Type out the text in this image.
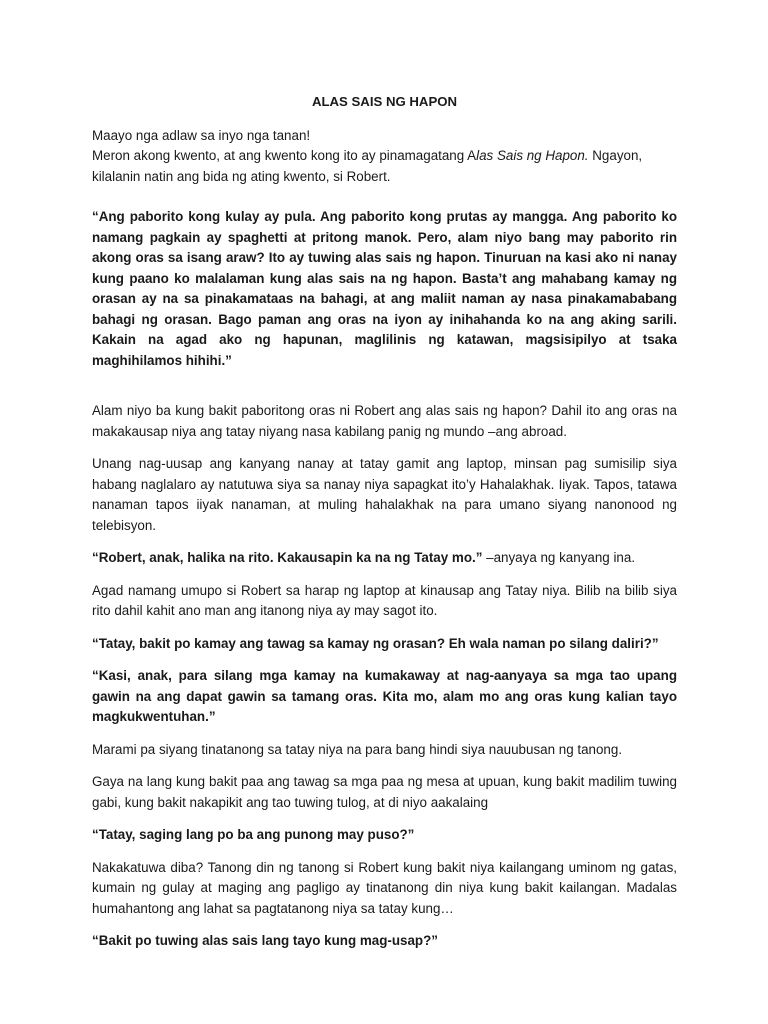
ALAS SAIS NG HAPON
Maayo nga adlaw sa inyo nga tanan!

Meron akong kwento, at ang kwento kong ito ay pinamagatang Alas Sais ng Hapon. Ngayon, kilalanin natin ang bida ng ating kwento, si Robert.

“Ang paborito kong kulay ay pula. Ang paborito kong prutas ay mangga. Ang paborito ko namang pagkain ay spaghetti at pritong manok. Pero, alam niyo bang may paborito rin akong oras sa isang araw? Ito ay tuwing alas sais ng hapon. Tinuruan na kasi ako ni nanay kung paano ko malalaman kung alas sais na ng hapon. Basta’t ang mahabang kamay ng orasan ay na sa pinakamataas na bahagi, at ang maliit naman ay nasa pinakamababang bahagi ng orasan. Bago paman ang oras na iyon ay inihahanda ko na ang aking sarili. Kakain na agad ako ng hapunan, maglilinis ng katawan, magsisipilyo at tsaka maghihilamos hihihi.”

Alam niyo ba kung bakit paboritong oras ni Robert ang alas sais ng hapon? Dahil ito ang oras na makakausap niya ang tatay niyang nasa kabilang panig ng mundo –ang abroad.

Unang nag-uusap ang kanyang nanay at tatay gamit ang laptop, minsan pag sumisilip siya habang naglalaro ay natutuwa siya sa nanay niya sapagkat ito’y Hahalakhak. Iiyak. Tapos, tatawa nanaman tapos iiyak nanaman, at muling hahalakhak na para umano siyang nanonood ng telebisyon.

“Robert, anak, halika na rito. Kakausapin ka na ng Tatay mo.” –anyaya ng kanyang ina.

Agad namang umupo si Robert sa harap ng laptop at kinausap ang Tatay niya. Bilib na bilib siya rito dahil kahit ano man ang itanong niya ay may sagot ito.

“Tatay, bakit po kamay ang tawag sa kamay ng orasan? Eh wala naman po silang daliri?”

“Kasi, anak, para silang mga kamay na kumakaway at nag-aanyaya sa mga tao upang gawin na ang dapat gawin sa tamang oras. Kita mo, alam mo ang oras kung kalian tayo magkukwentuhan.”

Marami pa siyang tinatanong sa tatay niya na para bang hindi siya nauubusan ng tanong.

Gaya na lang kung bakit paa ang tawag sa mga paa ng mesa at upuan, kung bakit madilim tuwing gabi, kung bakit nakapikit ang tao tuwing tulog, at di niyo aakalaing

“Tatay, saging lang po ba ang punong may puso?”

Nakakatuwa diba? Tanong din ng tanong si Robert kung bakit niya kailangang uminom ng gatas, kumain ng gulay at maging ang pagligo ay tinatanong din niya kung bakit kailangan. Madalas humahantong ang lahat sa pagtatanong niya sa tatay kung…

“Bakit po tuwing alas sais lang tayo kung mag-usap?”
